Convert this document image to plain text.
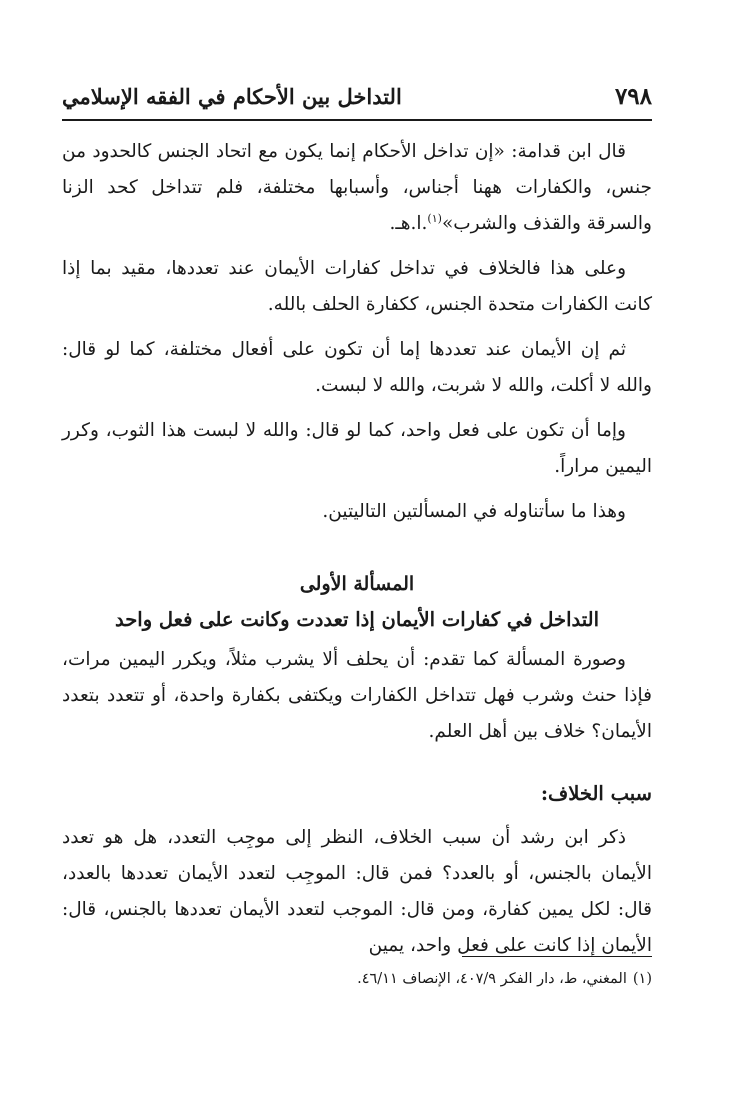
٧٩٨
التداخل بين الأحكام في الفقه الإسلامي

قال ابن قدامة: «إن تداخل الأحكام إنما يكون مع اتحاد الجنس كالحدود من جنس، والكفارات ههنا أجناس، وأسبابها مختلفة، فلم تتداخل كحد الزنا والسرقة والقذف والشرب»$^{(١)}$.ا.هـ.

وعلى هذا فالخلاف في تداخل كفارات الأيمان عند تعددها، مقيد بما إذا كانت الكفارات متحدة الجنس، ككفارة الحلف بالله.

ثم إن الأيمان عند تعددها إما أن تكون على أفعال مختلفة، كما لو قال: والله لا أكلت، والله لا شربت، والله لا لبست.

وإما أن تكون على فعل واحد، كما لو قال: والله لا لبست هذا الثوب، وكرر اليمين مراراً.

وهذا ما سأتناوله في المسألتين التاليتين.

المسألة الأولى
التداخل في كفارات الأيمان إذا تعددت وكانت على فعل واحد

وصورة المسألة كما تقدم: أن يحلف ألا يشرب مثلاً، ويكرر اليمين مرات، فإذا حنث وشرب فهل تتداخل الكفارات ويكتفى بكفارة واحدة، أو تتعدد بتعدد الأيمان؟ خلاف بين أهل العلم.

سبب الخلاف:

ذكر ابن رشد أن سبب الخلاف، النظر إلى موجِب التعدد، هل هو تعدد الأيمان بالجنس، أو بالعدد؟ فمن قال: الموجِب لتعدد الأيمان تعددها بالعدد، قال: لكل يمين كفارة، ومن قال: الموجب لتعدد الأيمان تعددها بالجنس، قال: الأيمان إذا كانت على فعل واحد، يمين

(١)المغني، ط، دار الفكر ٤٠٧/٩، الإنصاف ٤٦/١١.
